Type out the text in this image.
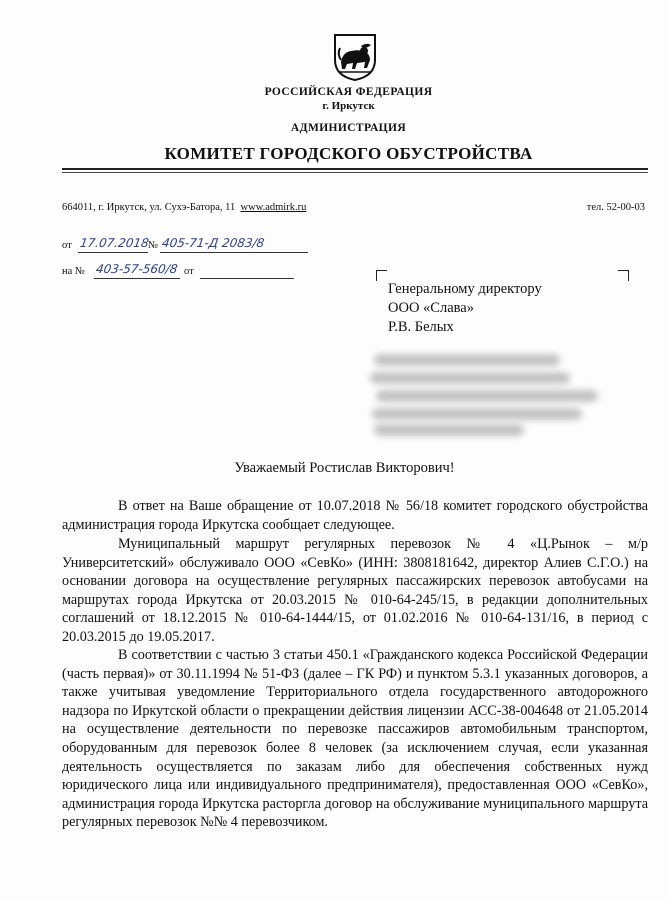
РОССИЙСКАЯ ФЕДЕРАЦИЯ
г. Иркутск
АДМИНИСТРАЦИЯ
КОМИТЕТ ГОРОДСКОГО ОБУСТРОЙСТВА
664011, г. Иркутск, ул. Сухэ-Батора, 11 www.admirk.ru	тел. 52-00-03
от 17.07.2018
№ 405-71-Д 2083/8
на № 403-57-560/8 от
Генеральному директору
ООО «Слава»
Р.В. Белых
Уважаемый Ростислав Викторович!

В ответ на Ваше обращение от 10.07.2018 № 56/18 комитет городского обустройства администрация города Иркутска сообщает следующее.

Муниципальный маршрут регулярных перевозок № 4 «Ц.Рынок – м/р Университетский» обслуживало ООО «СевКо» (ИНН: 3808181642, директор Алиев С.Г.О.) на основании договора на осуществление регулярных пассажирских перевозок автобусами на маршрутах города Иркутска от 20.03.2015 № 010-64-245/15, в редакции дополнительных соглашений от 18.12.2015 № 010-64-1444/15, от 01.02.2016 № 010-64-131/16, в период с 20.03.2015 до 19.05.2017.

В соответствии с частью 3 статьи 450.1 «Гражданского кодекса Российской Федерации (часть первая)» от 30.11.1994 № 51-ФЗ (далее – ГК РФ) и пунктом 5.3.1 указанных договоров, а также учитывая уведомление Территориального отдела государственного автодорожного надзора по Иркутской области о прекращении действия лицензии АСС-38-004648 от 21.05.2014 на осуществление деятельности по перевозке пассажиров автомобильным транспортом, оборудованным для перевозок более 8 человек (за исключением случая, если указанная деятельность осуществляется по заказам либо для обеспечения собственных нужд юридического лица или индивидуального предпринимателя), предоставленная ООО «СевКо», администрация города Иркутска расторгла договор на обслуживание муниципального маршрута регулярных перевозок №№ 4 перевозчиком.
